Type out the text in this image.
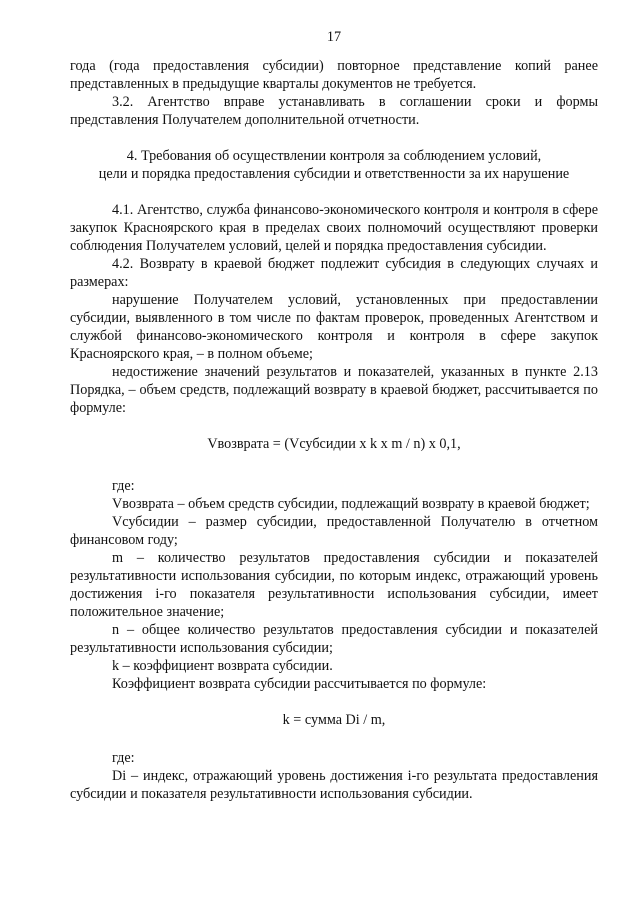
17

года (года предоставления субсидии) повторное представление копий ранее представленных в предыдущие кварталы документов не требуется.

3.2. Агентство вправе устанавливать в соглашении сроки и формы представления Получателем дополнительной отчетности.

4. Требования об осуществлении контроля за соблюдением условий,
цели и порядка предоставления субсидии и ответственности за их нарушение

4.1. Агентство, служба финансово-экономического контроля и контроля в сфере закупок Красноярского края в пределах своих полномочий осуществляют проверки соблюдения Получателем условий, целей и порядка предоставления субсидии.

4.2. Возврату в краевой бюджет подлежит субсидия в следующих случаях и размерах:

нарушение Получателем условий, установленных при предоставлении субсидии, выявленного в том числе по фактам проверок, проведенных Агентством и службой финансово-экономического контроля и контроля в сфере закупок Красноярского края, – в полном объеме;

недостижение значений результатов и показателей, указанных в пункте 2.13 Порядка, – объем средств, подлежащий возврату в краевой бюджет, рассчитывается по формуле:

Vвозврата = (Vсубсидии x k x m / n) x 0,1,

где:

Vвозврата – объем средств субсидии, подлежащий возврату в краевой бюджет;

Vсубсидии – размер субсидии, предоставленной Получателю в отчетном финансовом году;

m – количество результатов предоставления субсидии и показателей результативности использования субсидии, по которым индекс, отражающий уровень достижения i-го показателя результативности использования субсидии, имеет положительное значение;

n – общее количество результатов предоставления субсидии и показателей результативности использования субсидии;

k – коэффициент возврата субсидии.

Коэффициент возврата субсидии рассчитывается по формуле:

k = сумма Di / m,

где:

Di – индекс, отражающий уровень достижения i-го результата предоставления субсидии и показателя результативности использования субсидии.
